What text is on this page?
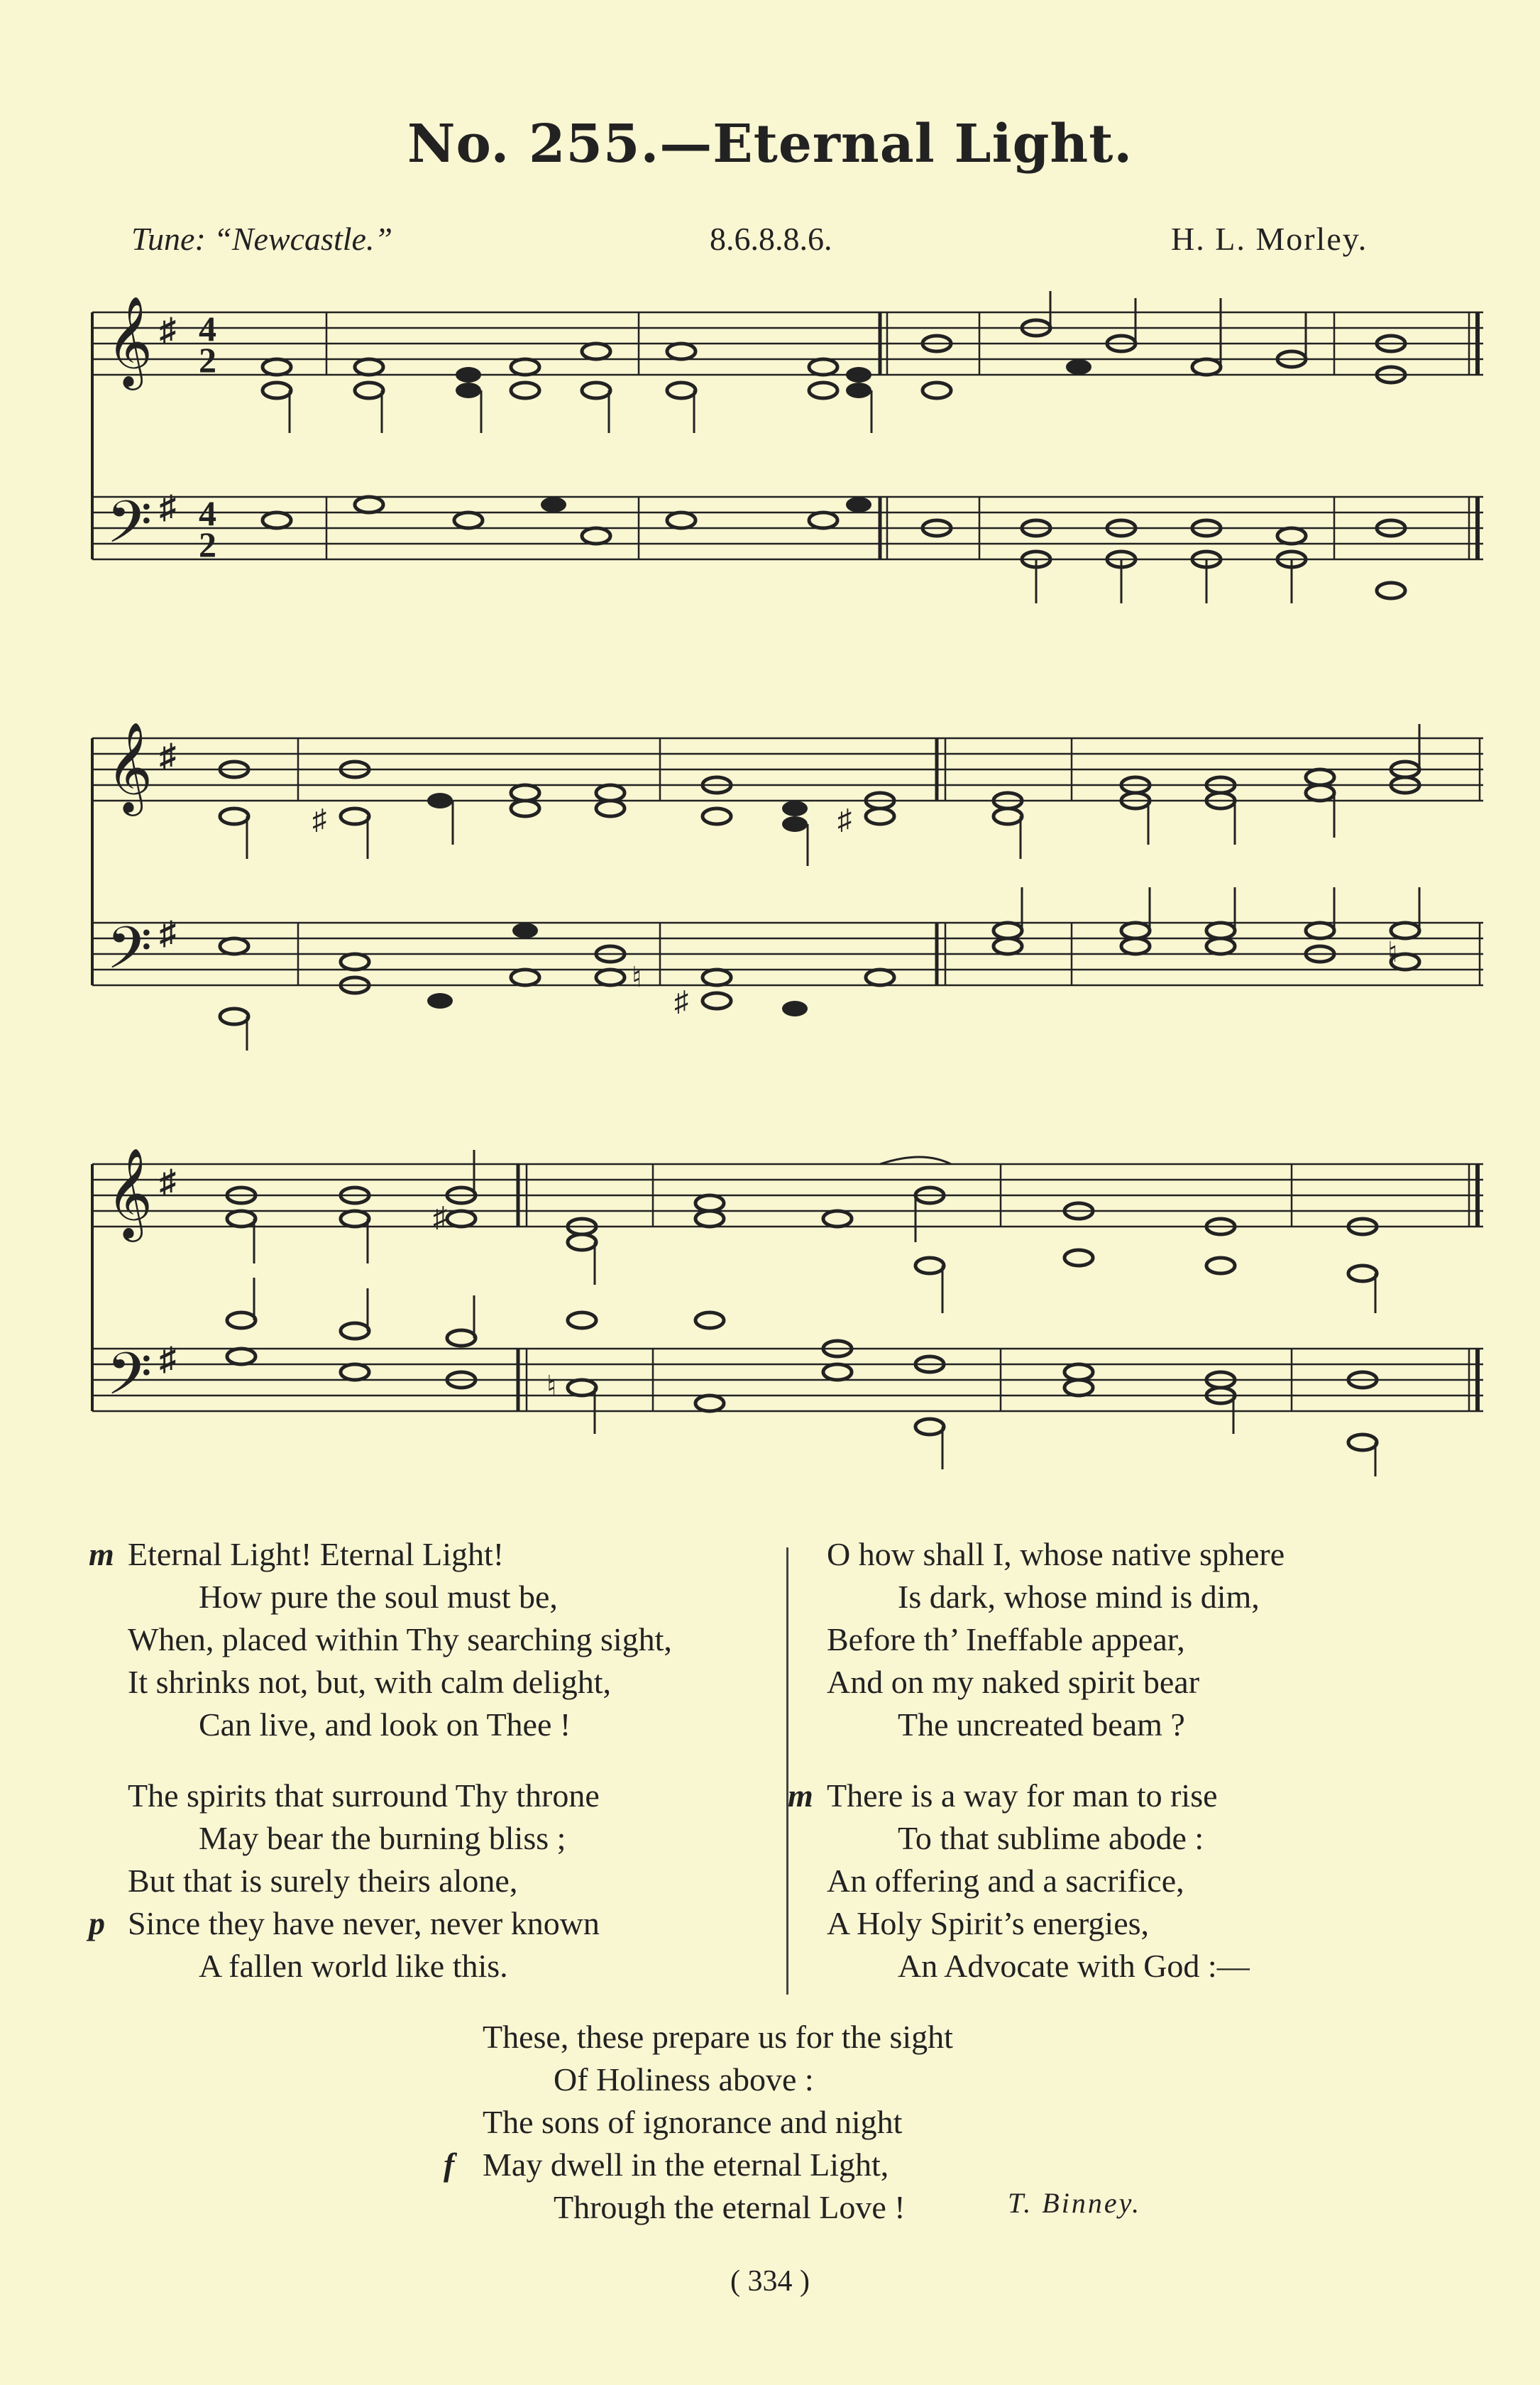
No. 255.—Eternal Light.
Tune: “Newcastle.”	8.6.8.8.6.	H. L. Morley.
𝄞
𝄢
♯
♯
4
2
4
2
𝄞
𝄢
♯
♯
♯	♯
♮
♯
♮
𝄞
𝄢
♯
♯
♯
♮
m Eternal Light! Eternal Light!
How pure the soul must be,
When, placed within Thy searching sight,
It shrinks not, but, with calm delight,
Can live, and look on Thee !
The spirits that surround Thy throne
May bear the burning bliss ;
But that is surely theirs alone,
p Since they have never, never known
A fallen world like this.
O how shall I, whose native sphere
Is dark, whose mind is dim,
Before th’ Ineffable appear,
And on my naked spirit bear
The uncreated beam ?
m There is a way for man to rise
To that sublime abode :
An offering and a sacrifice,
A Holy Spirit’s energies,
An Advocate with God :—
These, these prepare us for the sight
Of Holiness above :
The sons of ignorance and night
f May dwell in the eternal Light,
Through the eternal Love !	T. Binney.
( 334 )
